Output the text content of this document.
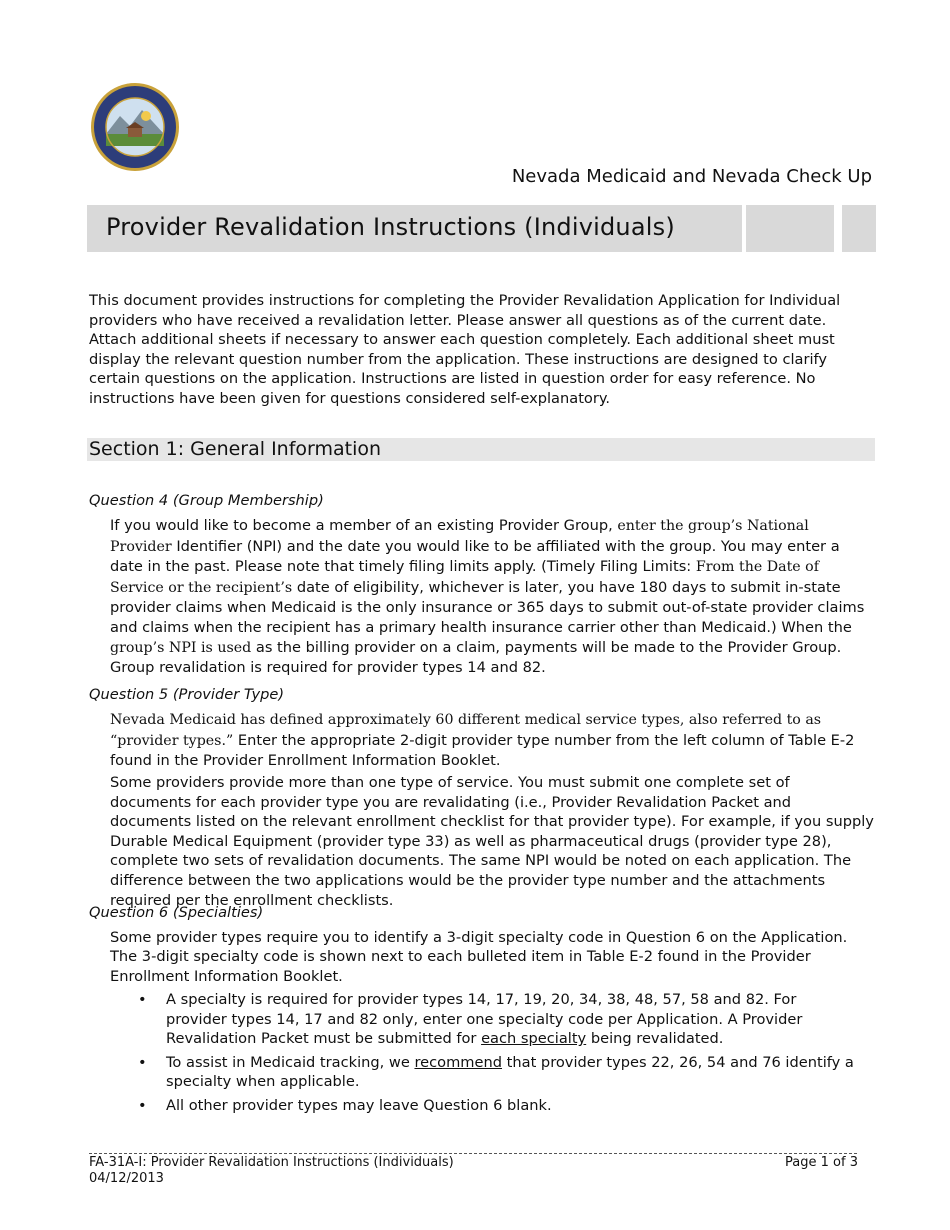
Nevada Medicaid and Nevada Check Up
Provider Revalidation Instructions (Individuals)
This document provides instructions for completing the Provider Revalidation Application for Individual providers who have received a revalidation letter. Please answer all questions as of the current date. Attach additional sheets if necessary to answer each question completely. Each additional sheet must display the relevant question number from the application. These instructions are designed to clarify certain questions on the application. Instructions are listed in question order for easy reference. No instructions have been given for questions considered self-explanatory.
Section 1: General Information
Question 4 (Group Membership)
If you would like to become a member of an existing Provider Group, enter the group’s National Provider Identifier (NPI) and the date you would like to be affiliated with the group. You may enter a date in the past. Please note that timely filing limits apply. (Timely Filing Limits: From the Date of Service or the recipient’s date of eligibility, whichever is later, you have 180 days to submit in-state provider claims when Medicaid is the only insurance or 365 days to submit out-of-state provider claims and claims when the recipient has a primary health insurance carrier other than Medicaid.) When the group’s NPI is used as the billing provider on a claim, payments will be made to the Provider Group. Group revalidation is required for provider types 14 and 82.
Question 5 (Provider Type)
Nevada Medicaid has defined approximately 60 different medical service types, also referred to as “provider types.” Enter the appropriate 2-digit provider type number from the left column of Table E-2 found in the Provider Enrollment Information Booklet.
Some providers provide more than one type of service. You must submit one complete set of documents for each provider type you are revalidating (i.e., Provider Revalidation Packet and documents listed on the relevant enrollment checklist for that provider type). For example, if you supply Durable Medical Equipment (provider type 33) as well as pharmaceutical drugs (provider type 28), complete two sets of revalidation documents. The same NPI would be noted on each application. The difference between the two applications would be the provider type number and the attachments required per the enrollment checklists.
Question 6 (Specialties)
Some provider types require you to identify a 3-digit specialty code in Question 6 on the Application.
The 3-digit specialty code is shown next to each bulleted item in Table E-2 found in the Provider Enrollment Information Booklet.
• A specialty is required for provider types 14, 17, 19, 20, 34, 38, 48, 57, 58 and 82. For provider types 14, 17 and 82 only, enter one specialty code per Application. A Provider Revalidation Packet must be submitted for each specialty being revalidated.
• To assist in Medicaid tracking, we recommend that provider types 22, 26, 54 and 76 identify a specialty when applicable.
• All other provider types may leave Question 6 blank.
FA-31A-I: Provider Revalidation Instructions (Individuals)
04/12/2013
Page 1 of 3
